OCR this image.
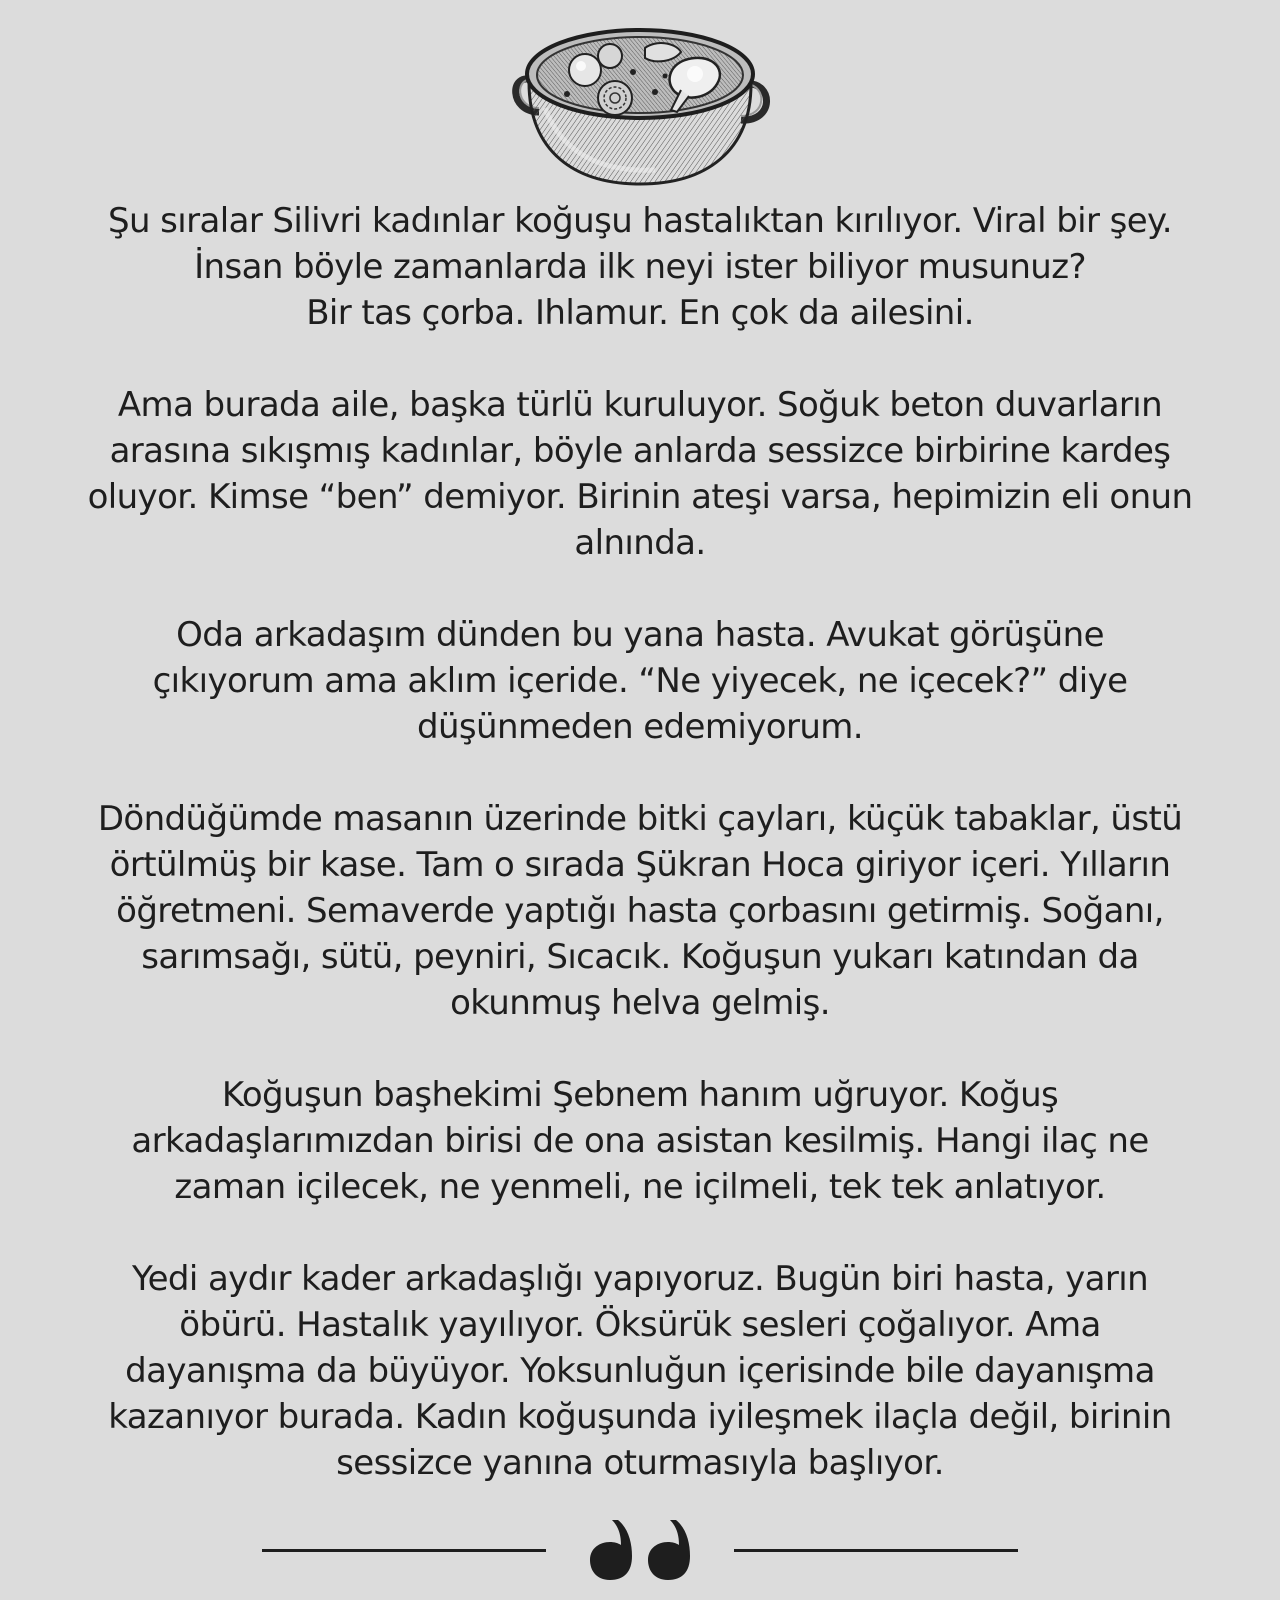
Şu sıralar Silivri kadınlar koğuşu hastalıktan kırılıyor. Viral bir şey.
İnsan böyle zamanlarda ilk neyi ister biliyor musunuz?
Bir tas çorba. Ihlamur. En çok da ailesini.

Ama burada aile, başka türlü kuruluyor. Soğuk beton duvarların
arasına sıkışmış kadınlar, böyle anlarda sessizce birbirine kardeş
oluyor. Kimse “ben” demiyor. Birinin ateşi varsa, hepimizin eli onun
alnında.

Oda arkadaşım dünden bu yana hasta. Avukat görüşüne
çıkıyorum ama aklım içeride. “Ne yiyecek, ne içecek?” diye
düşünmeden edemiyorum.

Döndüğümde masanın üzerinde bitki çayları, küçük tabaklar, üstü
örtülmüş bir kase. Tam o sırada Şükran Hoca giriyor içeri. Yılların
öğretmeni. Semaverde yaptığı hasta çorbasını getirmiş. Soğanı,
sarımsağı, sütü, peyniri, Sıcacık. Koğuşun yukarı katından da
okunmuş helva gelmiş.

Koğuşun başhekimi Şebnem hanım uğruyor. Koğuş
arkadaşlarımızdan birisi de ona asistan kesilmiş. Hangi ilaç ne
zaman içilecek, ne yenmeli, ne içilmeli, tek tek anlatıyor.

Yedi aydır kader arkadaşlığı yapıyoruz. Bugün biri hasta, yarın
öbürü. Hastalık yayılıyor. Öksürük sesleri çoğalıyor. Ama
dayanışma da büyüyor. Yoksunluğun içerisinde bile dayanışma
kazanıyor burada. Kadın koğuşunda iyileşmek ilaçla değil, birinin
sessizce yanına oturmasıyla başlıyor.
